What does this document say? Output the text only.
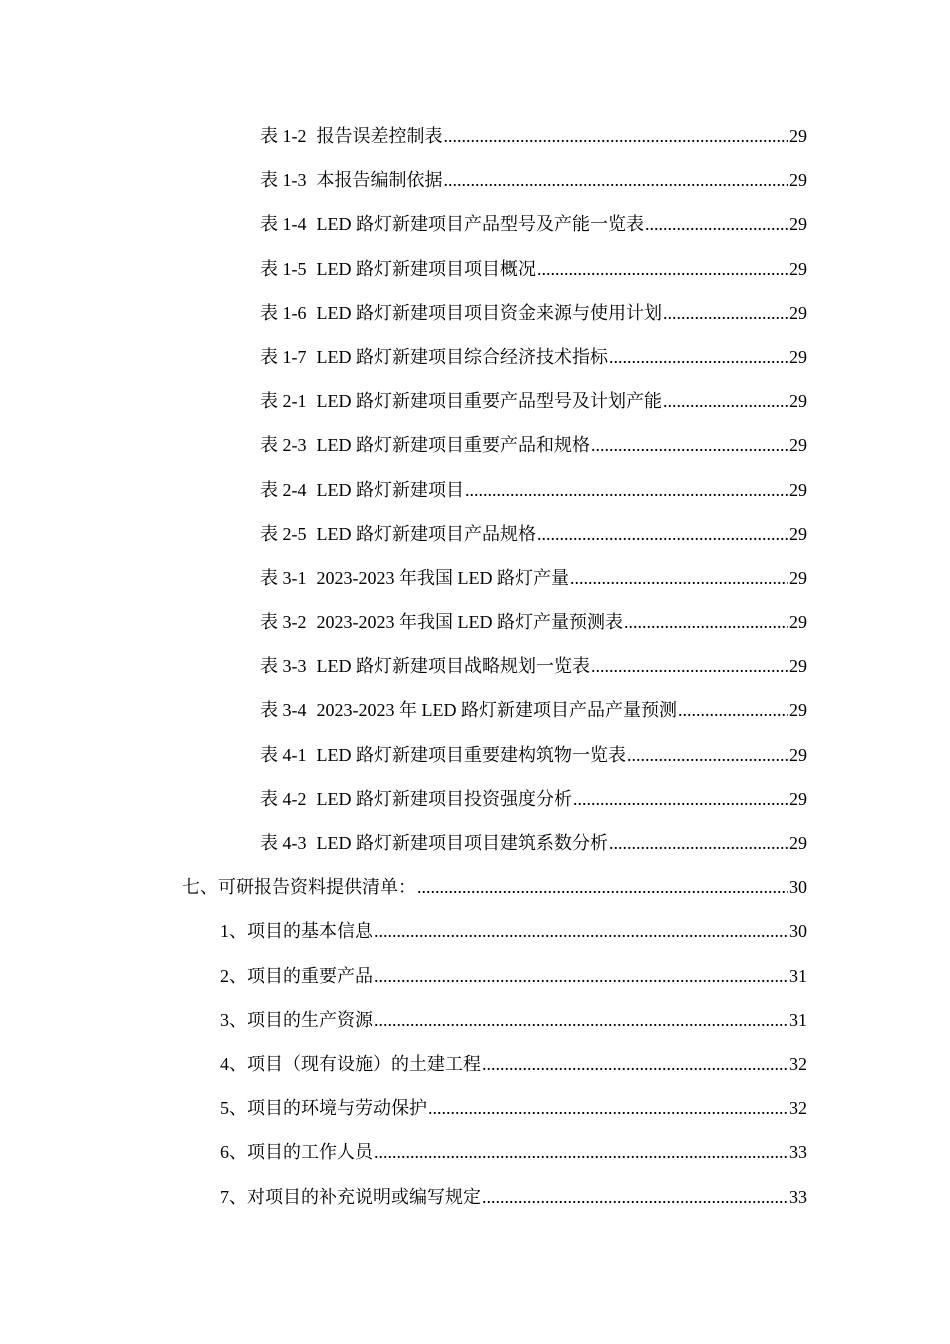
表 1-2 报告误差控制表 .....	29
表 1-3 本报告编制依据 .....	29
表 1-4 LED 路灯新建项目产品型号及产能一览表 .....	29
表 1-5 LED 路灯新建项目项目概况 .....	29
表 1-6 LED 路灯新建项目项目资金来源与使用计划 .....	29
表 1-7 LED 路灯新建项目综合经济技术指标 .....	29
表 2-1 LED 路灯新建项目重要产品型号及计划产能 .....	29
表 2-3 LED 路灯新建项目重要产品和规格 .....	29
表 2-4 LED 路灯新建项目 .....	29
表 2-5 LED 路灯新建项目产品规格 .....	29
表 3-1 2023-2023 年我国 LED 路灯产量 .....	29
表 3-2 2023-2023 年我国 LED 路灯产量预测表 .....	29
表 3-3 LED 路灯新建项目战略规划一览表 .....	29
表 3-4 2023-2023 年 LED 路灯新建项目产品产量预测 .....	29
表 4-1 LED 路灯新建项目重要建构筑物一览表 .....	29
表 4-2 LED 路灯新建项目投资强度分析 .....	29
表 4-3 LED 路灯新建项目项目建筑系数分析 .....	29
七、可研报告资料提供清单： .....	30
1、项目的基本信息 .....	30
2、项目的重要产品 .....	31
3、项目的生产资源 .....	31
4、项目（现有设施）的土建工程 .....	32
5、项目的环境与劳动保护 .....	32
6、项目的工作人员 .....	33
7、对项目的补充说明或编写规定 .....	33
